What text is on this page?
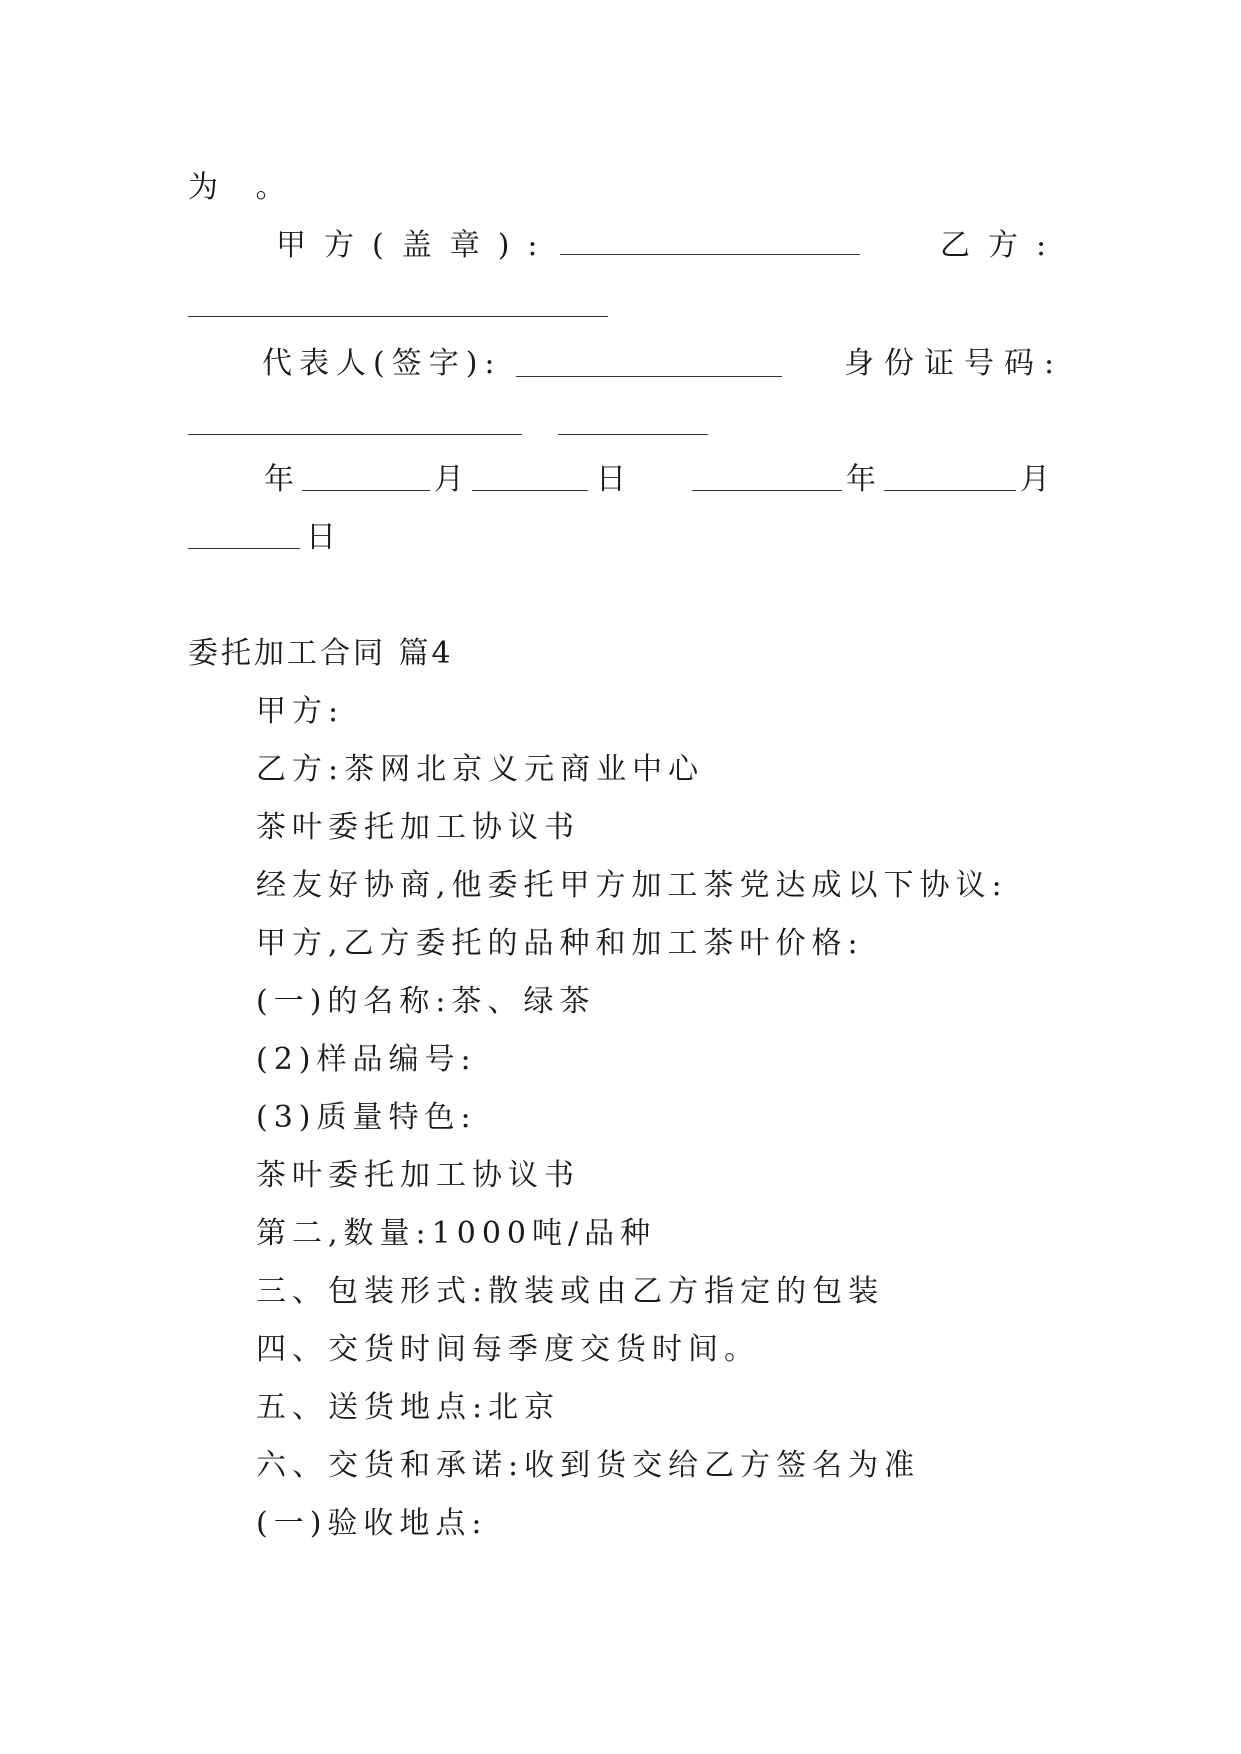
为 。
甲方(盖章):	乙方:
代表人(签字):	身份证号码:
年	月	日	年	月
日
委托加工合同 篇4
甲方:
乙方:茶网北京义元商业中心
茶叶委托加工协议书
经友好协商,他委托甲方加工茶党达成以下协议:
甲方,乙方委托的品种和加工茶叶价格:
(一)的名称:茶、绿茶
(2)样品编号:
(3)质量特色:
茶叶委托加工协议书
第二,数量:1000吨/品种
三、包装形式:散装或由乙方指定的包装
四、交货时间每季度交货时间。
五、送货地点:北京
六、交货和承诺:收到货交给乙方签名为准
(一)验收地点:
